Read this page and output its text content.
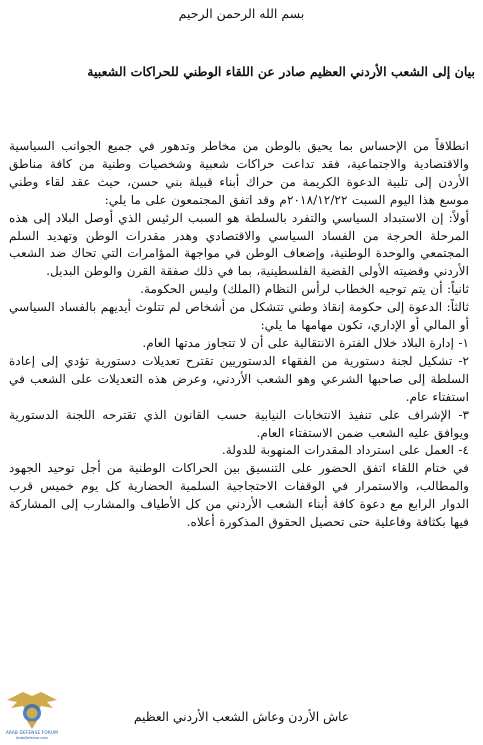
بسم الله الرحمن الرحيم
بيان إلى الشعب الأردني العظيم صادر عن اللقاء الوطني للحراكات الشعبية

انطلاقاً من الإحساس بما يحيق بالوطن من مخاطر وتدهور في جميع الجوانب السياسية والاقتصادية والاجتماعية، فقد تداعت حراكات شعبية وشخصيات وطنية من كافة مناطق الأردن إلى تلبية الدعوة الكريمة من حراك أبناء قبيلة بني حسن، حيث عقد لقاء وطني موسع هذا اليوم السبت ٢٠١٨/١٢/٢٢م وقد اتفق المجتمعون على ما يلي:

أولاً: إن الاستبداد السياسي والتفرد بالسلطة هو السبب الرئيس الذي أوصل البلاد إلى هذه المرحلة الحرجة من الفساد السياسي والاقتصادي وهدر مقدرات الوطن وتهديد السلم المجتمعي والوحدة الوطنية، وإضعاف الوطن في مواجهة المؤامرات التي تحاك ضد الشعب الأردني وقضيته الأولى القضية الفلسطينية، بما في ذلك صفقة القرن والوطن البديل.

ثانياً: أن يتم توجيه الخطاب لرأس النظام (الملك) وليس الحكومة.

ثالثاً: الدعوة إلى حكومة إنقاذ وطني تتشكل من أشخاص لم تتلوث أيديهم بالفساد السياسي أو المالي أو الإداري، تكون مهامها ما يلي:

١- إدارة البلاد خلال الفترة الانتقالية على أن لا تتجاوز مدتها العام.

٢- تشكيل لجنة دستورية من الفقهاء الدستوريين تقترح تعديلات دستورية تؤدي إلى إعادة السلطة إلى صاحبها الشرعي وهو الشعب الأردني، وعرض هذه التعديلات على الشعب في استفتاء عام.

٣- الإشراف على تنفيذ الانتخابات النيابية حسب القانون الذي تقترحه اللجنة الدستورية ويوافق عليه الشعب ضمن الاستفتاء العام.

٤- العمل على استرداد المقدرات المنهوبة للدولة.

في ختام اللقاء اتفق الحضور على التنسيق بين الحراكات الوطنية من أجل توحيد الجهود والمطالب، والاستمرار في الوقفات الاحتجاجية السلمية الحضارية كل يوم خميس قرب الدوار الرابع مع دعوة كافة أبناء الشعب الأردني من كل الأطياف والمشارب إلى المشاركة فيها بكثافة وفاعلية حتى تحصيل الحقوق المذكورة أعلاه.

عاش الأردن وعاش الشعب الأردني العظيم
ARAB DEFENSE FORUM
ArabDefense.com
